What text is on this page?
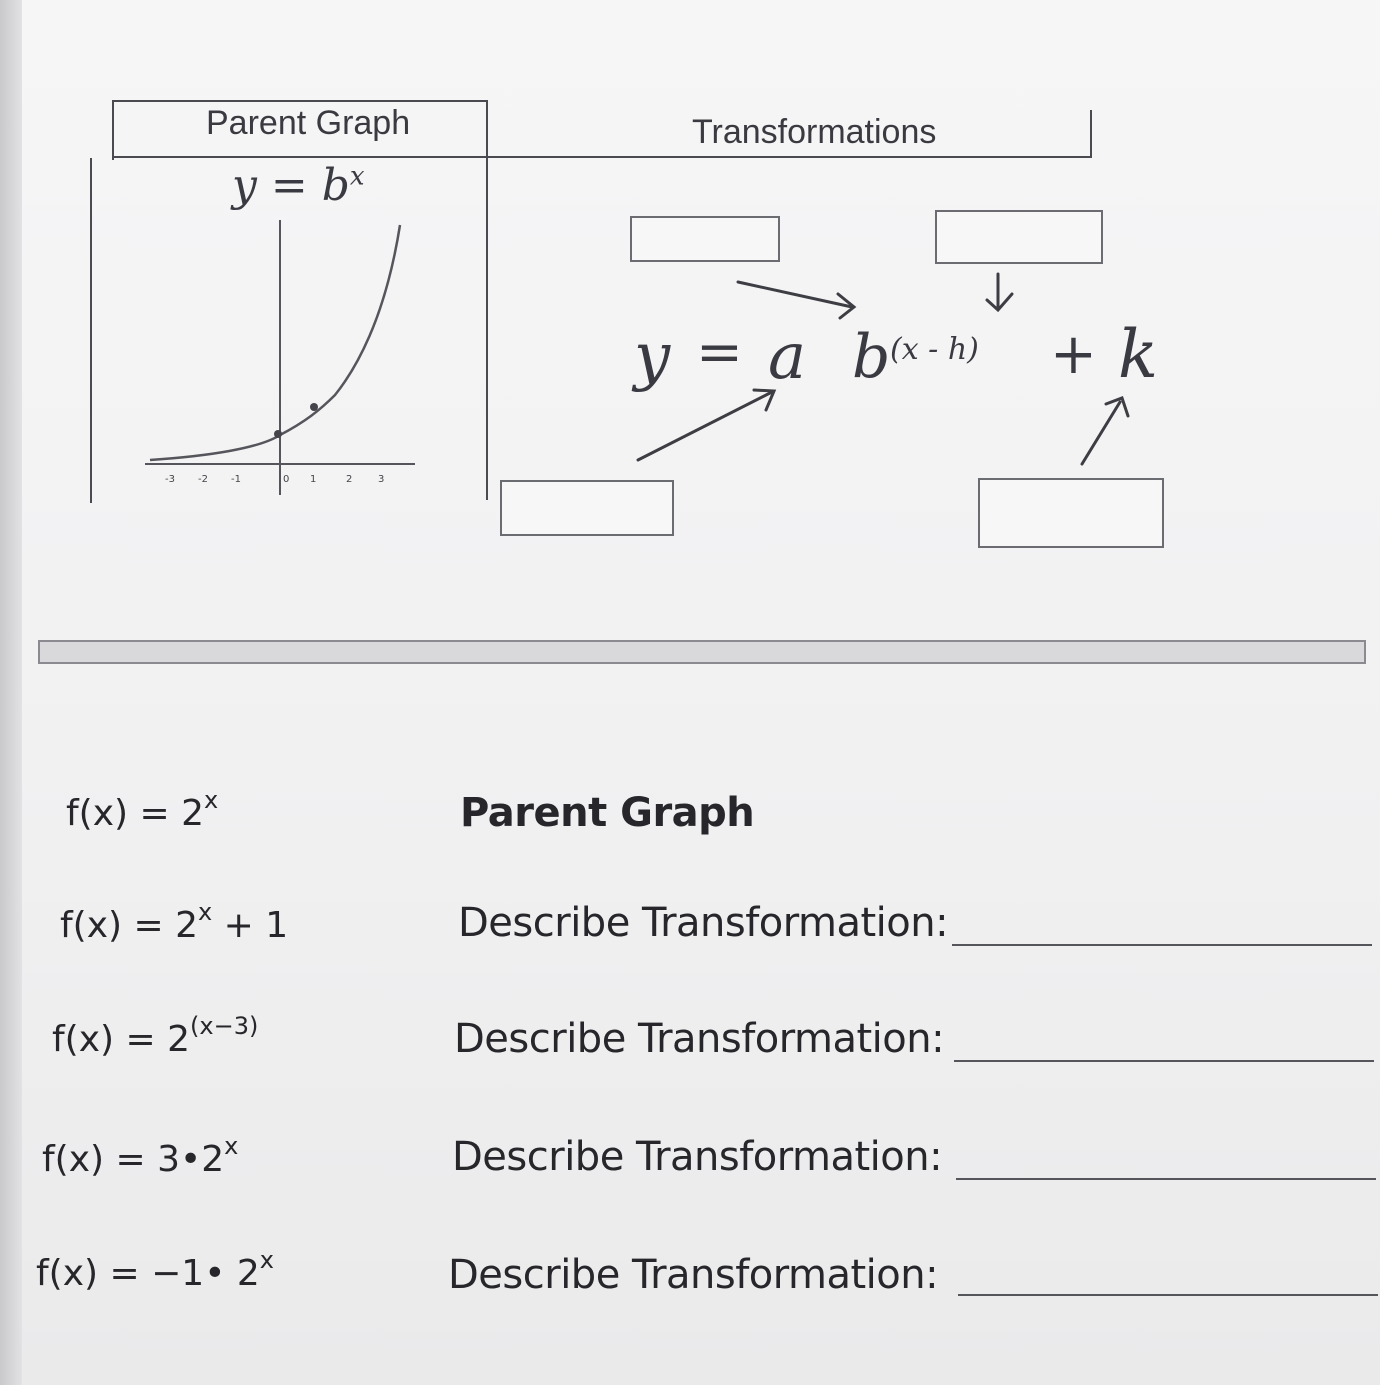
Parent Graph	Transformations
$y = b^x$
-3 -2 -1	0 1	2	3
y = a b (x - h) + k
$f(x) = 2^x$	Parent Graph
$f(x) = 2^x + 1$	Describe Transformation:
$f(x) = 2^{(x-3)}$	Describe Transformation:
$f(x) = 3•2^x$	Describe Transformation:
f(x) = −1• 2$^x$	Describe Transformation:
